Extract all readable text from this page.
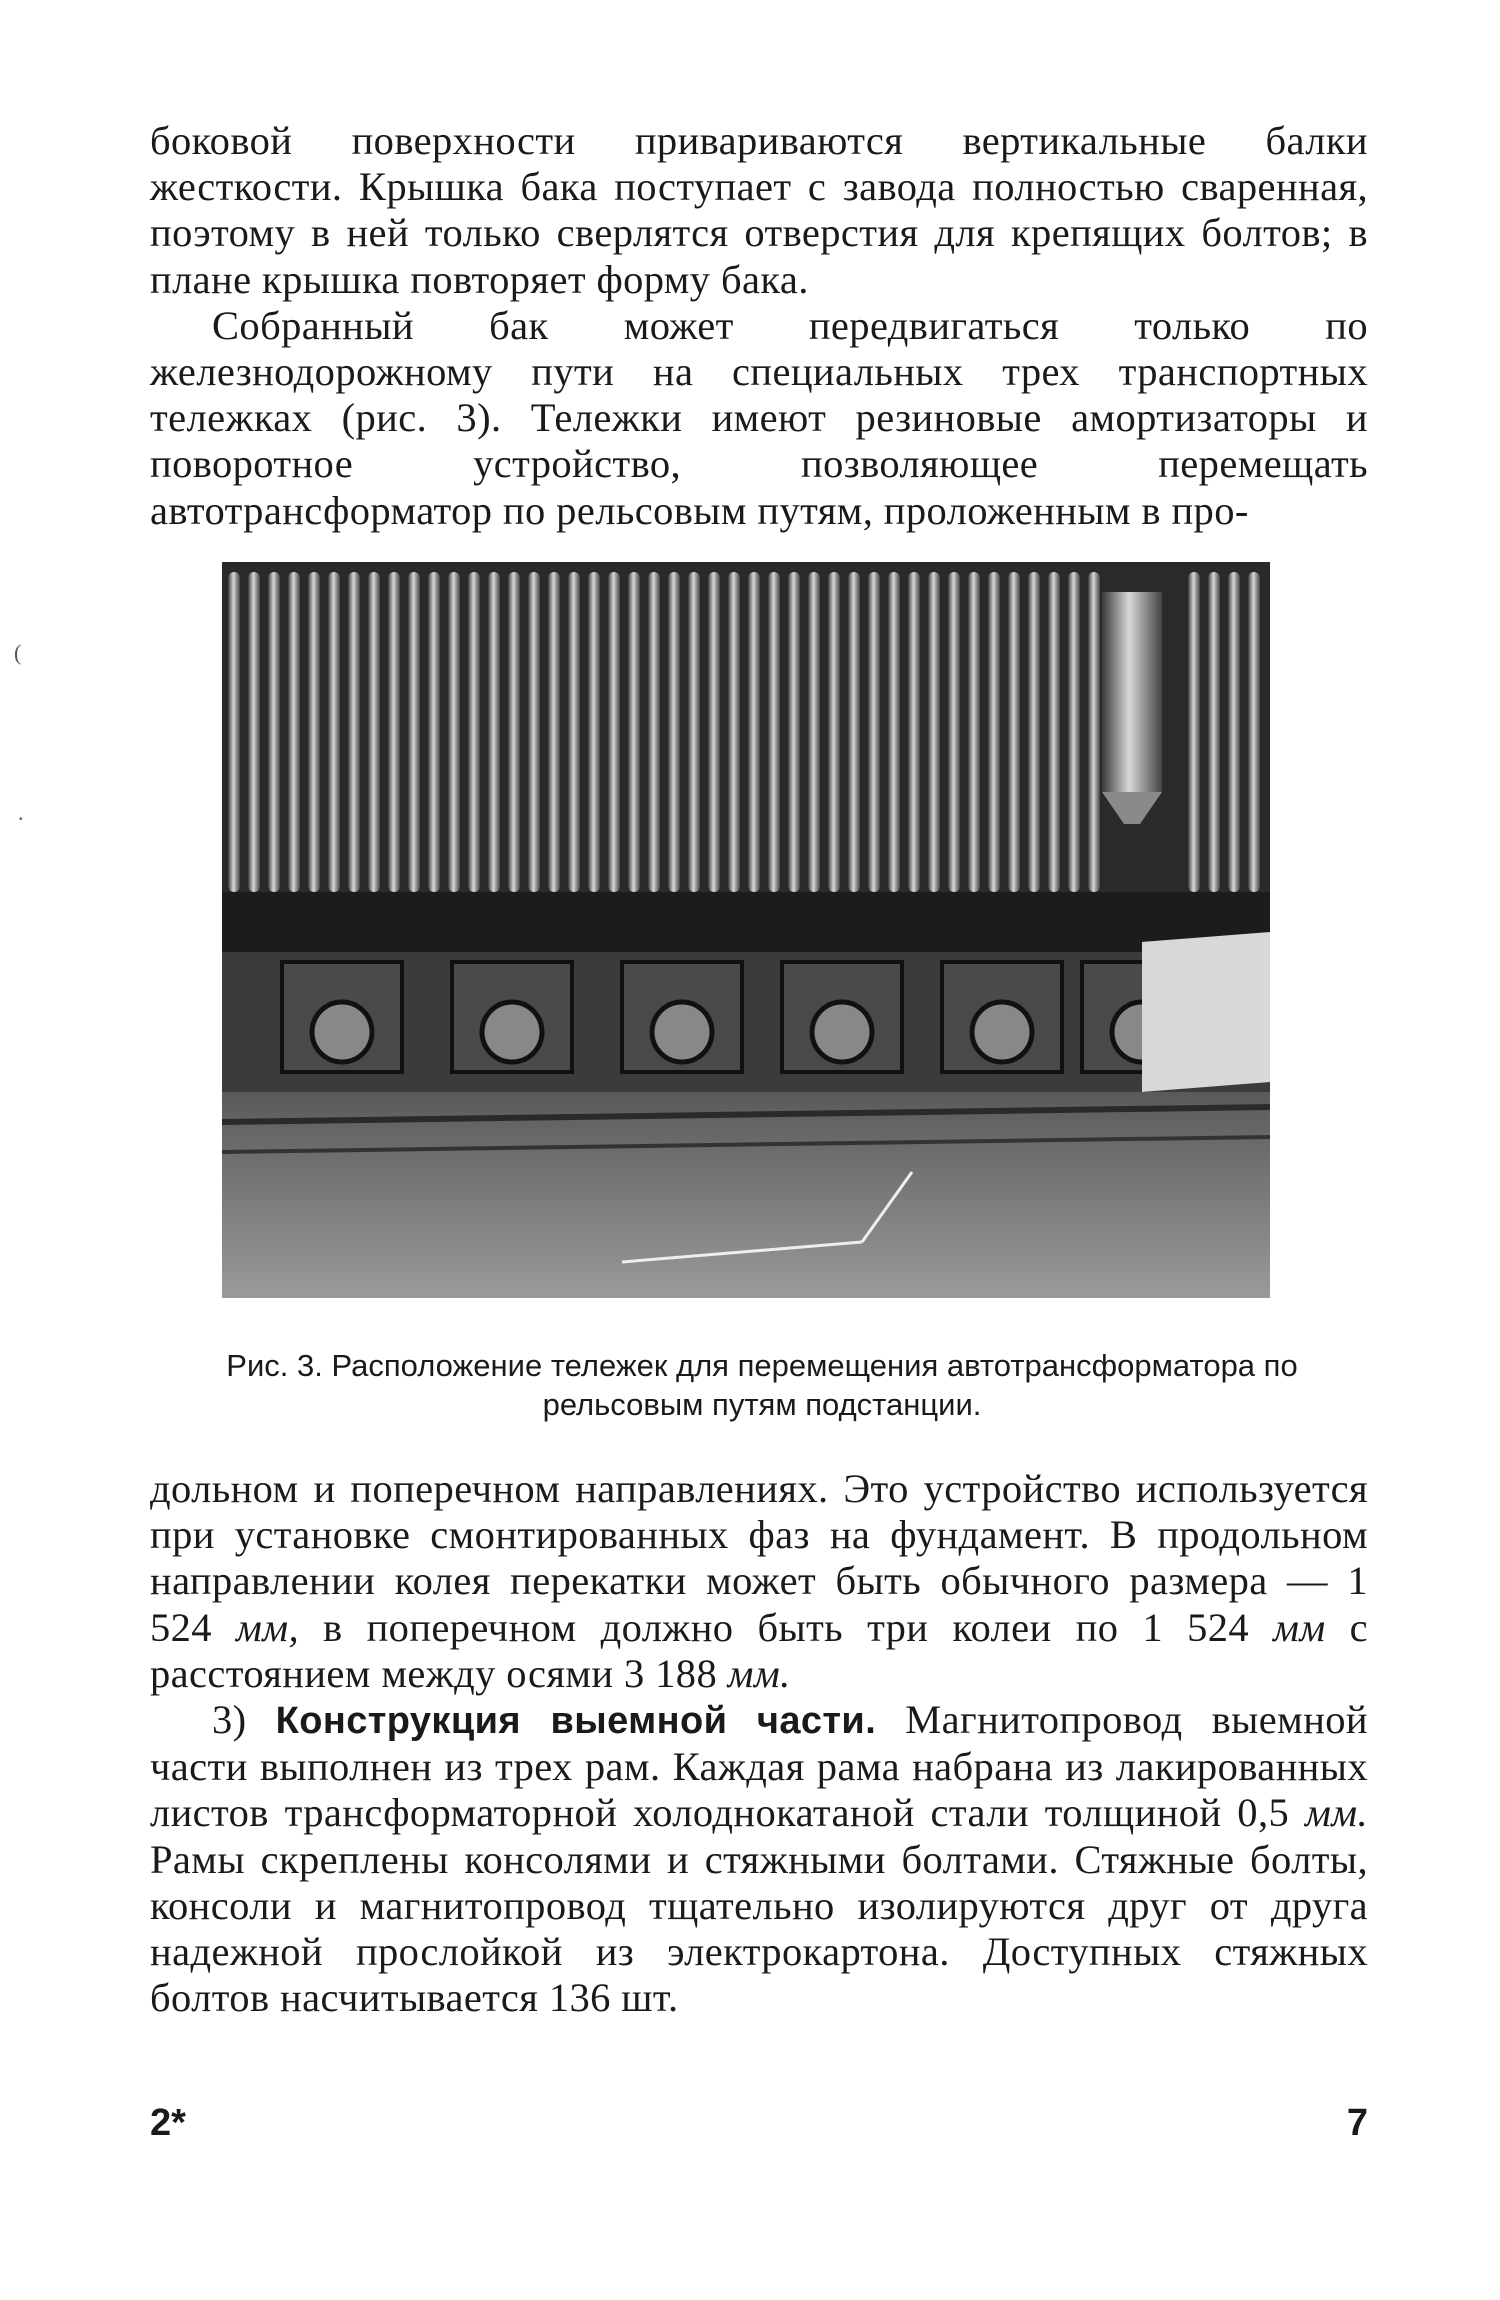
(
.

боковой поверхности привариваются вертикальные балки жесткости. Крышка бака поступает с завода полностью сваренная, поэтому в ней только сверлятся отверстия для крепящих болтов; в плане крышка повторяет форму бака.

Собранный бак может передвигаться только по железнодорожному пути на специальных трех транспортных тележках (рис. 3). Тележки имеют резиновые амортизаторы и поворотное устройство, позволяющее перемещать автотрансформатор по рельсовым путям, проложенным в про-

Рис. 3. Расположение тележек для перемещения автотрансформатора по рельсовым путям подстанции.

дольном и поперечном направлениях. Это устройство используется при установке смонтированных фаз на фундамент. В продольном направлении колея перекатки может быть обычного размера — 1 524 мм, в поперечном должно быть три колеи по 1 524 мм с расстоянием между осями 3 188 мм.

3) Конструкция выемной части. Магнитопровод выемной части выполнен из трех рам. Каждая рама набрана из лакированных листов трансформаторной холоднокатаной стали толщиной 0,5 мм. Рамы скреплены консолями и стяжными болтами. Стяжные болты, консоли и магнитопровод тщательно изолируются друг от друга надежной прослойкой из электрокартона. Доступных стяжных болтов насчитывается 136 шт.

2*	7
